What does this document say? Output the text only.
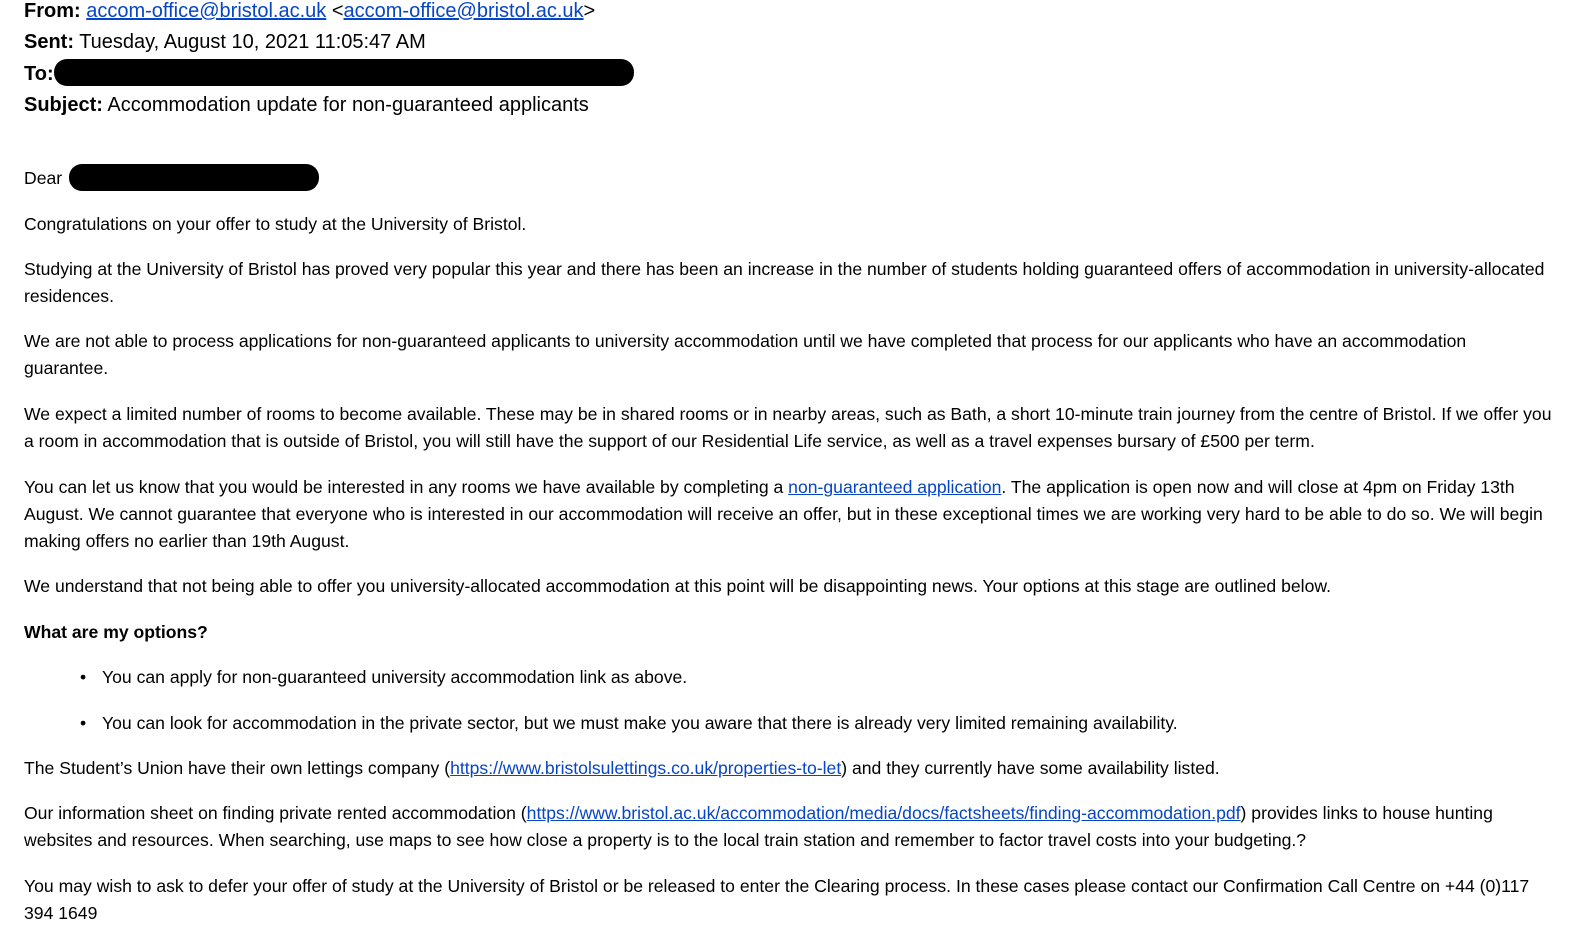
From: accom-office@bristol.ac.uk <accom-office@bristol.ac.uk>
Sent: Tuesday, August 10, 2021 11:05:47 AM
To:
Subject: Accommodation update for non-guaranteed applicants
Dear
Congratulations on your offer to study at the University of Bristol.
Studying at the University of Bristol has proved very popular this year and there has been an increase in the number of students holding guaranteed offers of accommodation in university-allocated residences.
We are not able to process applications for non-guaranteed applicants to university accommodation until we have completed that process for our applicants who have an accommodation guarantee.
We expect a limited number of rooms to become available. These may be in shared rooms or in nearby areas, such as Bath, a short 10-minute train journey from the centre of Bristol. If we offer you a room in accommodation that is outside of Bristol, you will still have the support of our Residential Life service, as well as a travel expenses bursary of £500 per term.
You can let us know that you would be interested in any rooms we have available by completing a non-guaranteed application. The application is open now and will close at 4pm on Friday 13th August. We cannot guarantee that everyone who is interested in our accommodation will receive an offer, but in these exceptional times we are working very hard to be able to do so. We will begin making offers no earlier than 19th August.
We understand that not being able to offer you university-allocated accommodation at this point will be disappointing news. Your options at this stage are outlined below.
What are my options?
• You can apply for non-guaranteed university accommodation link as above.
• You can look for accommodation in the private sector, but we must make you aware that there is already very limited remaining availability.
The Student’s Union have their own lettings company (https://www.bristolsulettings.co.uk/properties-to-let) and they currently have some availability listed.
Our information sheet on finding private rented accommodation (https://www.bristol.ac.uk/accommodation/media/docs/factsheets/finding-accommodation.pdf) provides links to house hunting websites and resources. When searching, use maps to see how close a property is to the local train station and remember to factor travel costs into your budgeting.?
You may wish to ask to defer your offer of study at the University of Bristol or be released to enter the Clearing process. In these cases please contact our Confirmation Call Centre on +44 (0)117 394 1649
